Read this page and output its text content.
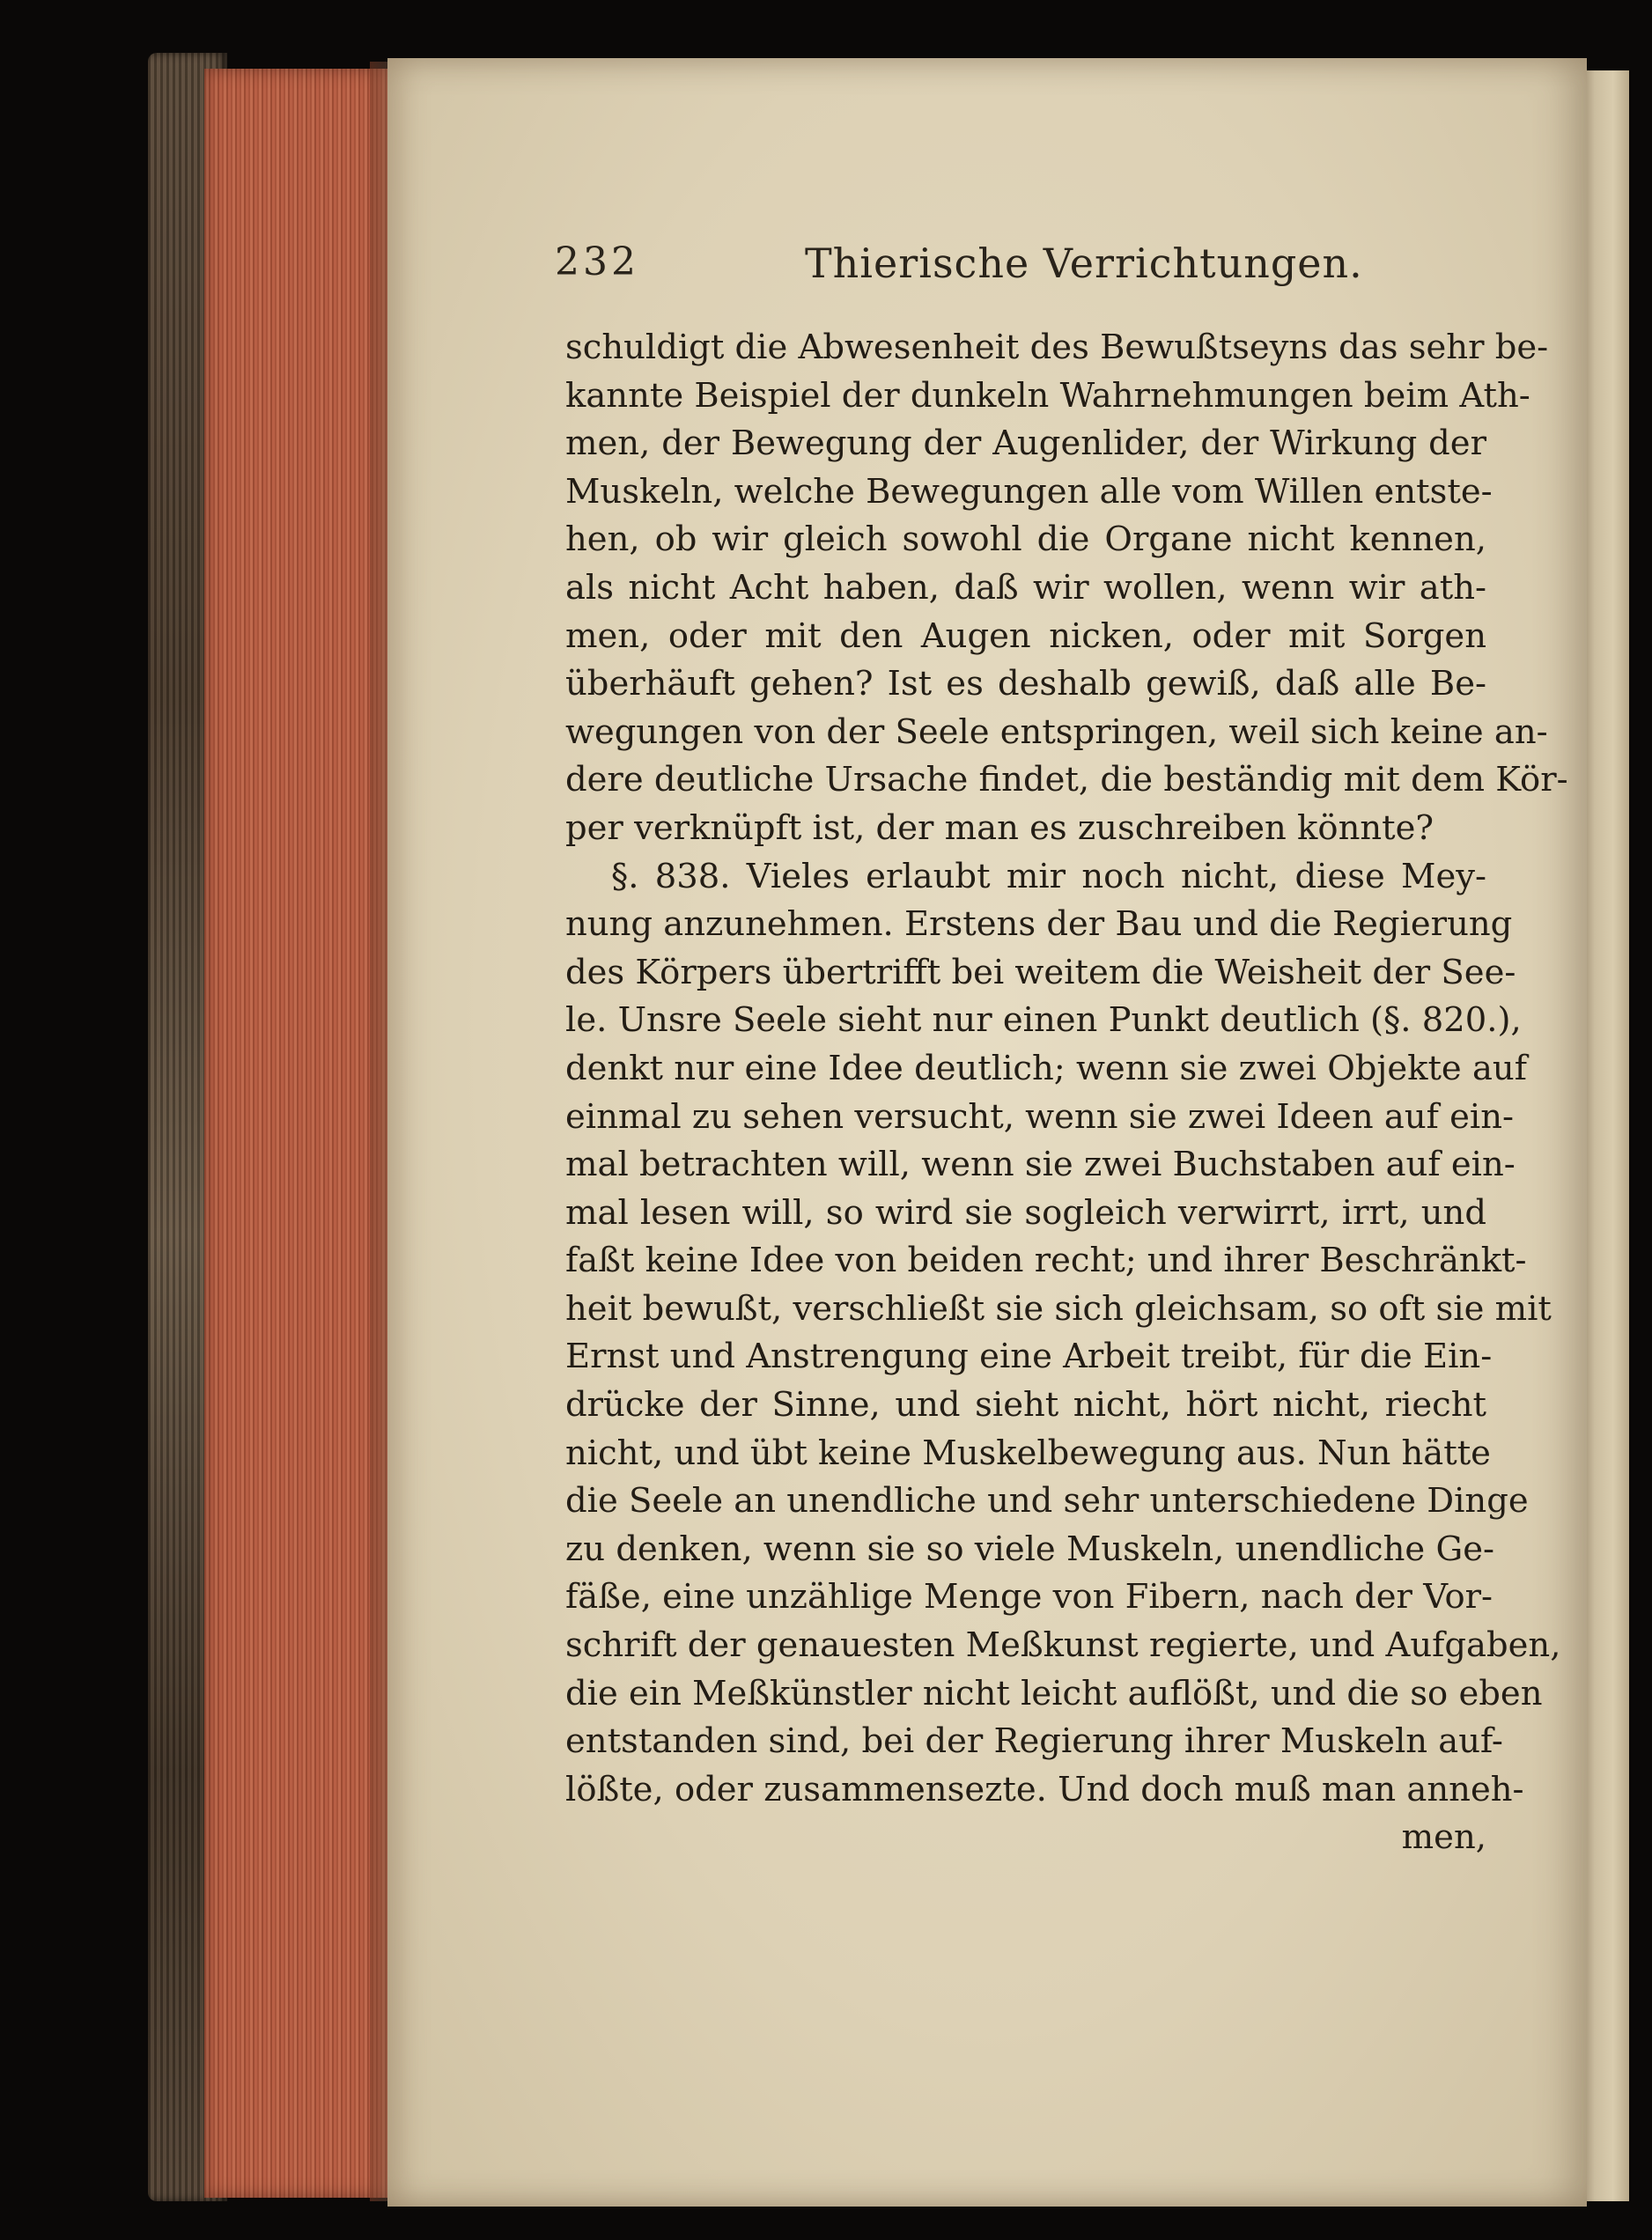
232	Thierische Verrichtungen.
schuldigt die Abwesenheit des Bewußtseyns das sehr be-
kannte Beispiel der dunkeln Wahrnehmungen beim Ath-
men, der Bewegung der Augenlider, der Wirkung der
Muskeln, welche Bewegungen alle vom Willen entste-
hen, ob wir gleich sowohl die Organe nicht kennen,
als nicht Acht haben, daß wir wollen, wenn wir ath-
men, oder mit den Augen nicken, oder mit Sorgen
überhäuft gehen? Ist es deshalb gewiß, daß alle Be-
wegungen von der Seele entspringen, weil sich keine an-
dere deutliche Ursache findet, die beständig mit dem Kör-
per verknüpft ist, der man es zuschreiben könnte?
§. 838. Vieles erlaubt mir noch nicht, diese Mey-
nung anzunehmen. Erstens der Bau und die Regierung
des Körpers übertrifft bei weitem die Weisheit der See-
le. Unsre Seele sieht nur einen Punkt deutlich (§. 820.),
denkt nur eine Idee deutlich; wenn sie zwei Objekte auf
einmal zu sehen versucht, wenn sie zwei Ideen auf ein-
mal betrachten will, wenn sie zwei Buchstaben auf ein-
mal lesen will, so wird sie sogleich verwirrt, irrt, und
faßt keine Idee von beiden recht; und ihrer Beschränkt-
heit bewußt, verschließt sie sich gleichsam, so oft sie mit
Ernst und Anstrengung eine Arbeit treibt, für die Ein-
drücke der Sinne, und sieht nicht, hört nicht, riecht
nicht, und übt keine Muskelbewegung aus. Nun hätte
die Seele an unendliche und sehr unterschiedene Dinge
zu denken, wenn sie so viele Muskeln, unendliche Ge-
fäße, eine unzählige Menge von Fibern, nach der Vor-
schrift der genauesten Meßkunst regierte, und Aufgaben,
die ein Meßkünstler nicht leicht auflößt, und die so eben
entstanden sind, bei der Regierung ihrer Muskeln auf-
lößte, oder zusammensezte. Und doch muß man anneh-
men,
